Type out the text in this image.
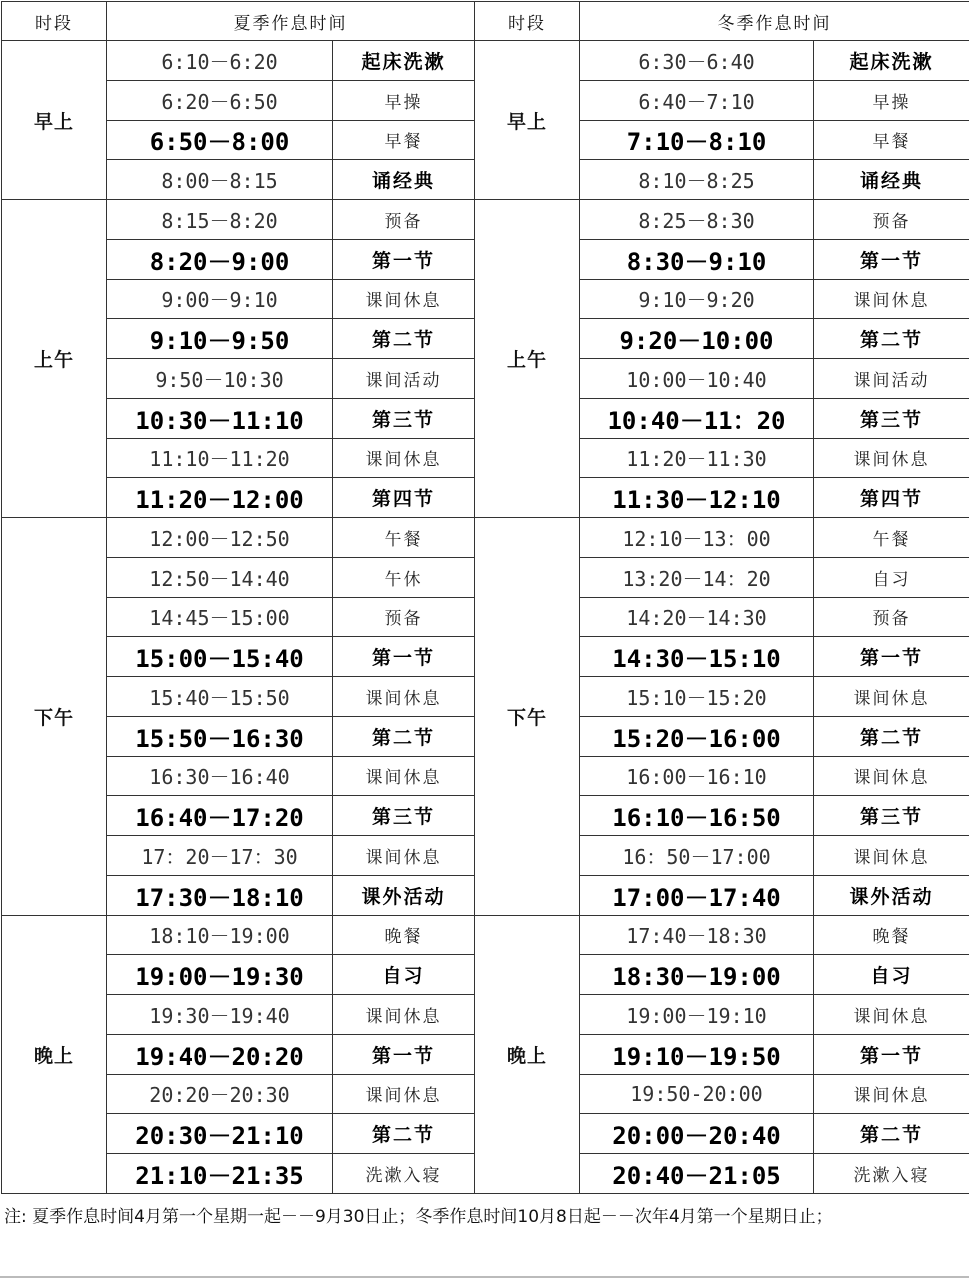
时段	夏季作息时间		时段	冬季作息时间	
早上	6:10－6:20	起床洗漱	早上	6:30－6:40	起床洗漱
	6:20－6:50	早操		6:40－7:10	早操
	6:50－8:00	早餐		7:10－8:10	早餐
	8:00－8:15	诵经典		8:10－8:25	诵经典
上午	8:15－8:20	预备	上午	8:25－8:30	预备
	8:20－9:00	第一节		8:30－9:10	第一节
	9:00－9:10	课间休息		9:10－9:20	课间休息
	9:10－9:50	第二节		9:20－10:00	第二节
	9:50－10:30	课间活动		10:00－10:40	课间活动
	10:30－11:10	第三节		10:40－11：20	第三节
	11:10－11:20	课间休息		11:20－11:30	课间休息
	11:20－12:00	第四节		11:30－12:10	第四节
下午	12:00－12:50	午餐	下午	12:10－13：00	午餐
	12:50－14:40	午休		13:20－14：20	自习
	14:45－15:00	预备		14:20－14:30	预备
	15:00－15:40	第一节		14:30－15:10	第一节
	15:40－15:50	课间休息		15:10－15:20	课间休息
	15:50－16:30	第二节		15:20－16:00	第二节
	16:30－16:40	课间休息		16:00－16:10	课间休息
	16:40－17:20	第三节		16:10－16:50	第三节
	17：20－17：30	课间休息		16：50－17:00	课间休息
	17:30－18:10	课外活动		17:00－17:40	课外活动
晚上	18:10－19:00	晚餐	晚上	17:40－18:30	晚餐
	19:00－19:30	自习		18:30－19:00	自习
	19:30－19:40	课间休息		19:00－19:10	课间休息
	19:40－20:20	第一节		19:10－19:50	第一节
	20:20－20:30	课间休息		19:50-20:00	课间休息
	20:30－21:10	第二节		20:00－20:40	第二节
	21:10－21:35	洗漱入寝		20:40－21:05	洗漱入寝
注: 夏季作息时间4月第一个星期一起－－9月30日止；冬季作息时间10月8日起－－次年4月第一个星期日止；
